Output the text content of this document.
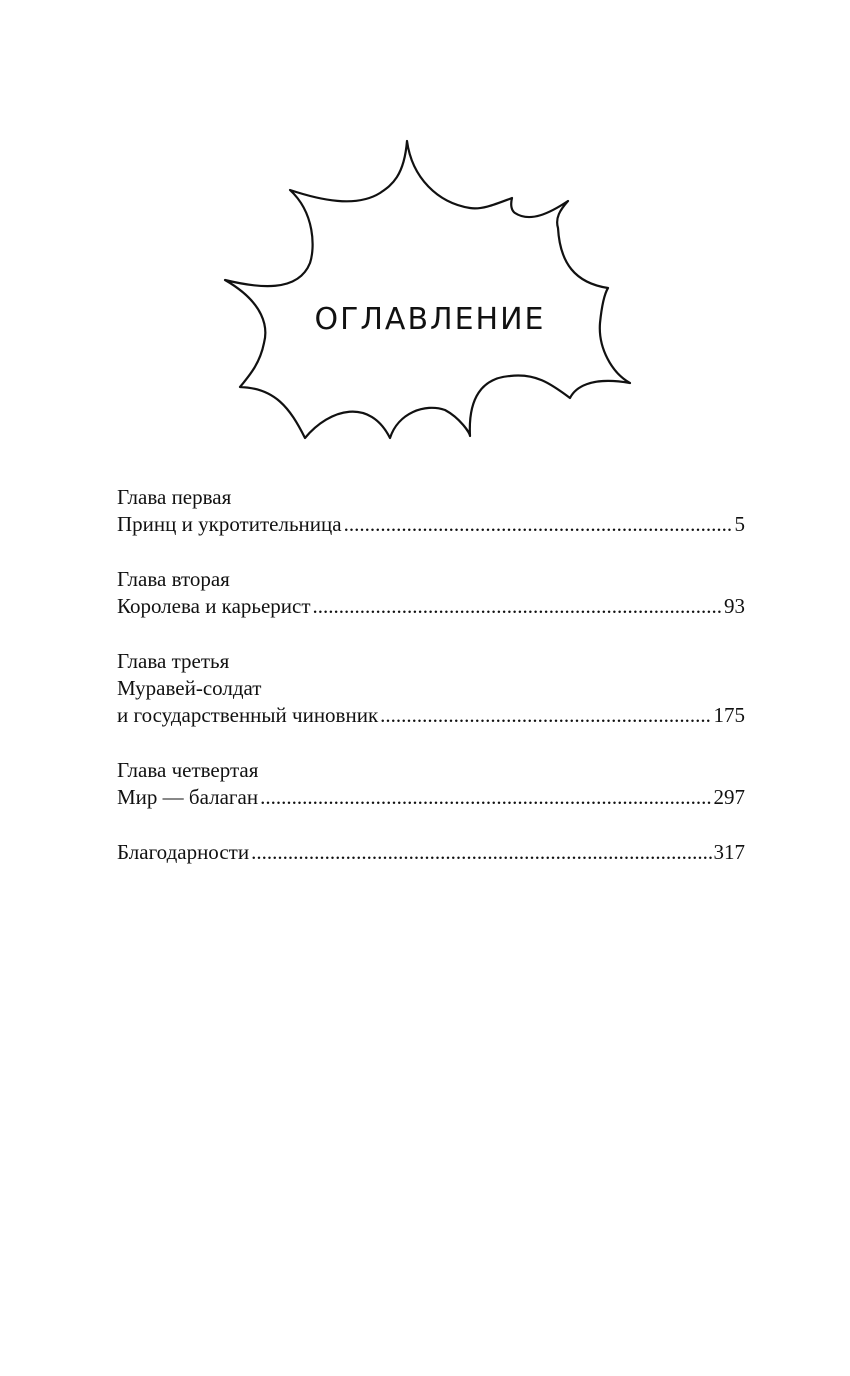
ОГЛАВЛЕНИЕ
Глава первая
Принц и укротительница .....	5
Глава вторая
Королева и карьерист .....	93
Глава третья
Муравей-солдат
и государственный чиновник .....	175
Глава четвертая
Мир — балаган .....	297
Благодарности .....	317
